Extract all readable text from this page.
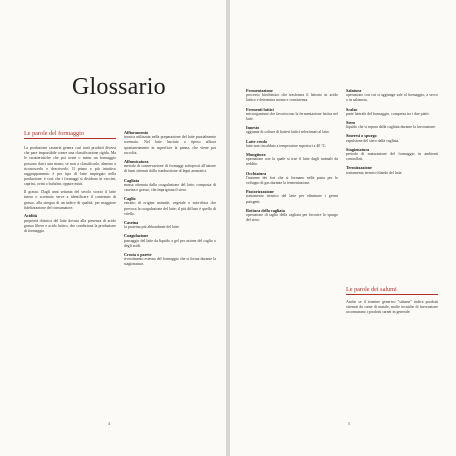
Glossario
Le parole del formaggio

La produzione casearia genera così tanti prodotti diversi che pare impossibile creare una classificazione rigida. Ma le caratteristiche che poi avete o meno un formaggio possono darci una mano; se non a classificarlo, almeno a riconoscerlo e descriverlo. Il primo e più intuitivo raggruppamento è per tipo di latte impiegato nella produzione: è così che i formaggi si dividono in vaccini, caprini, ovini o bufalini, oppure misti.

Il grasso. Dagli anni settanta del secolo scorso il latte intero o scremato serve a identificare il contenuto di grasso, alla stregua di un indice di qualità, per maggiore fidelizzazione del consumatore.

Acidità

proprietà chimica del latte dovuta alla presenza di acido grasso libero e acido lattico, che condiziona la produzione di formaggio.

Affioramento

tecnica utilizzata nella preparazione del latte parzialmente scremato. Nel latte lasciato a riposo affiora spontaneamente in superficie la panna, che viene poi raccolta.

Affumicatura

metodo di conservazione di formaggi sottoposti all'azione di fumi ottenuti dalla combustione di legni aromatici.

Cagliata

massa ottenuta dalla coagulazione del latte, composta di caseina e grasso, che imprigiona il siero.

Caglio

estratto di origine animale, vegetale o microbica che provoca la coagulazione del latte; il più diffuso è quello di vitello.

Caseina

la proteina più abbondante del latte.

Coagulazione

passaggio del latte da liquido a gel per azione del caglio o degli acidi.

Crosta o parete

rivestimento esterno del formaggio che si forma durante la stagionatura.

4
Fermentazione

processo biochimico che trasforma il lattosio in acido lattico e determina aroma e consistenza.

Fermenti lattici

microrganismi che favoriscono la fermentazione lattica nel latte.

Innesto

aggiunta di colture di batteri lattici selezionati al latte.

Latte crudo

latte non riscaldato a temperature superiori a 40 °C.

Mungitura

operazione con la quale si trae il latte dagli animali da reddito.

Occhiatura

l'insieme dei fori che si formano nella pasta per lo sviluppo di gas durante la fermentazione.

Pastorizzazione

trattamento termico del latte per eliminare i germi patogeni.

Rottura della cagliata

operazione di taglio della cagliata per favorire lo spurgo del siero.

Salatura

operazione con cui si aggiunge sale al formaggio, a secco o in salamoia.

Scalzo

parte laterale del formaggio, compresa tra i due piatti.

Siero

liquido che si separa dalla cagliata durante la lavorazione.

Sineresi o spurgo

espulsione del siero dalla cagliata.

Stagionatura

periodo di maturazione del formaggio in ambienti controllati.

Termizzazione

trattamento termico blando del latte.

Le parole dei salumi

Anche se il termine generico "salume" indica prodotti ottenuti da carne di maiale, molte tecniche di lavorazione accomunano i prodotti carnei in generale.

5
